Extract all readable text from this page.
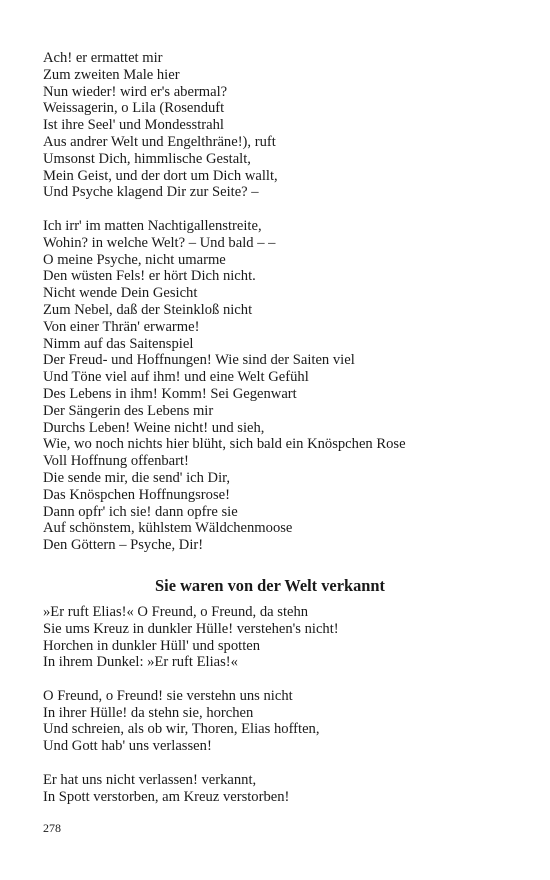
Ach! er ermattet mir
Zum zweiten Male hier
Nun wieder! wird er's abermal?
Weissagerin, o Lila (Rosenduft
Ist ihre Seel' und Mondesstrahl
Aus andrer Welt und Engelthräne!), ruft
Umsonst Dich, himmlische Gestalt,
Mein Geist, und der dort um Dich wallt,
Und Psyche klagend Dir zur Seite? –
Ich irr' im matten Nachtigallenstreite,
Wohin? in welche Welt? – Und bald – –
O meine Psyche, nicht umarme
Den wüsten Fels! er hört Dich nicht.
Nicht wende Dein Gesicht
Zum Nebel, daß der Steinkloß nicht
Von einer Thrän' erwarme!
Nimm auf das Saitenspiel
Der Freud- und Hoffnungen! Wie sind der Saiten viel
Und Töne viel auf ihm! und eine Welt Gefühl
Des Lebens in ihm! Komm! Sei Gegenwart
Der Sängerin des Lebens mir
Durchs Leben! Weine nicht! und sieh,
Wie, wo noch nichts hier blüht, sich bald ein Knöspchen Rose
Voll Hoffnung offenbart!
Die sende mir, die send' ich Dir,
Das Knöspchen Hoffnungsrose!
Dann opfr' ich sie! dann opfre sie
Auf schönstem, kühlstem Wäldchenmoose
Den Göttern – Psyche, Dir!
Sie waren von der Welt verkannt
»Er ruft Elias!« O Freund, o Freund, da stehn
Sie ums Kreuz in dunkler Hülle! verstehen's nicht!
Horchen in dunkler Hüll' und spotten
In ihrem Dunkel: »Er ruft Elias!«
O Freund, o Freund! sie verstehn uns nicht
In ihrer Hülle! da stehn sie, horchen
Und schreien, als ob wir, Thoren, Elias hofften,
Und Gott hab' uns verlassen!
Er hat uns nicht verlassen! verkannt,
In Spott verstorben, am Kreuz verstorben!
278
